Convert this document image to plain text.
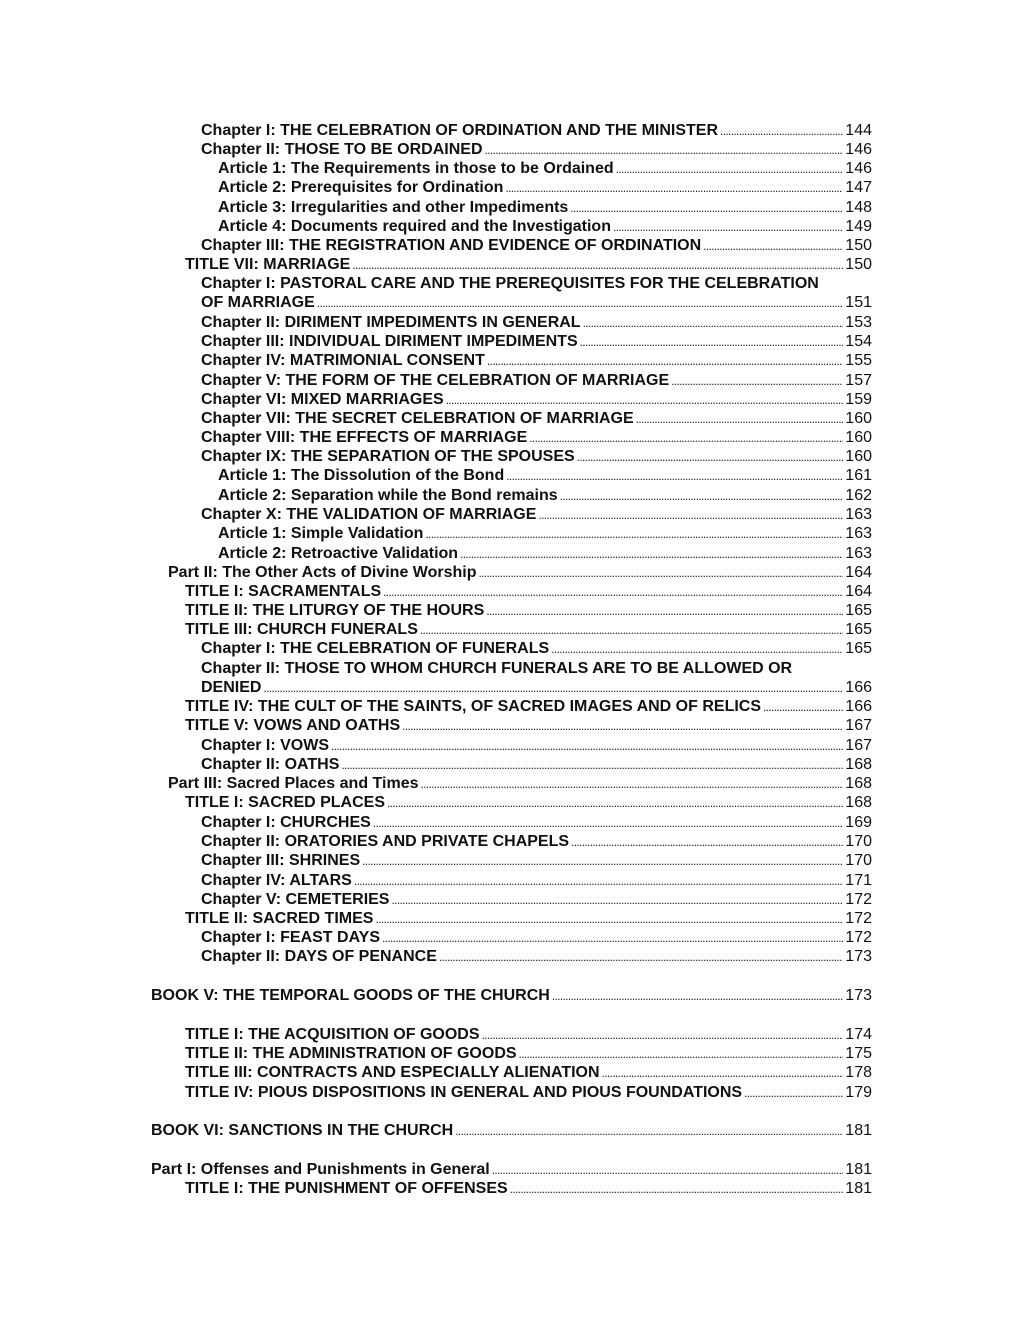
Chapter I: THE CELEBRATION OF ORDINATION AND THE MINISTER . . .	144
Chapter II: THOSE TO BE ORDAINED . . .	146
Article 1: The Requirements in those to be Ordained . . .	146
Article 2: Prerequisites for Ordination . . .	147
Article 3: Irregularities and other Impediments . . .	148
Article 4: Documents required and the Investigation . . .	149
Chapter III: THE REGISTRATION AND EVIDENCE OF ORDINATION . . .	150
TITLE VII: MARRIAGE . . .	150
Chapter I: PASTORAL CARE AND THE PREREQUISITES FOR THE CELEBRATION
OF MARRIAGE . . .	151
Chapter II: DIRIMENT IMPEDIMENTS IN GENERAL . . .	153
Chapter III: INDIVIDUAL DIRIMENT IMPEDIMENTS . . .	154
Chapter IV: MATRIMONIAL CONSENT . . .	155
Chapter V: THE FORM OF THE CELEBRATION OF MARRIAGE . . .	157
Chapter VI: MIXED MARRIAGES . . .	159
Chapter VII: THE SECRET CELEBRATION OF MARRIAGE . . .	160
Chapter VIII: THE EFFECTS OF MARRIAGE . . .	160
Chapter IX: THE SEPARATION OF THE SPOUSES . . .	160
Article 1: The Dissolution of the Bond . . .	161
Article 2: Separation while the Bond remains . . .	162
Chapter X: THE VALIDATION OF MARRIAGE . . .	163
Article 1: Simple Validation . . .	163
Article 2: Retroactive Validation . . .	163
Part II: The Other Acts of Divine Worship . . .	164
TITLE I: SACRAMENTALS . . .	164
TITLE II: THE LITURGY OF THE HOURS . . .	165
TITLE III: CHURCH FUNERALS . . .	165
Chapter I: THE CELEBRATION OF FUNERALS . . .	165
Chapter II: THOSE TO WHOM CHURCH FUNERALS ARE TO BE ALLOWED OR
DENIED . . .	166
TITLE IV: THE CULT OF THE SAINTS, OF SACRED IMAGES AND OF RELICS . . .	166
TITLE V: VOWS AND OATHS . . .	167
Chapter I: VOWS . . .	167
Chapter II: OATHS . . .	168
Part III: Sacred Places and Times . . .	168
TITLE I: SACRED PLACES . . .	168
Chapter I: CHURCHES . . .	169
Chapter II: ORATORIES AND PRIVATE CHAPELS . . .	170
Chapter III: SHRINES . . .	170
Chapter IV: ALTARS . . .	171
Chapter V: CEMETERIES . . .	172
TITLE II: SACRED TIMES . . .	172
Chapter I: FEAST DAYS . . .	172
Chapter II: DAYS OF PENANCE . . .	173
BOOK V: THE TEMPORAL GOODS OF THE CHURCH . . .	173
TITLE I: THE ACQUISITION OF GOODS . . .	174
TITLE II: THE ADMINISTRATION OF GOODS . . .	175
TITLE III: CONTRACTS AND ESPECIALLY ALIENATION . . .	178
TITLE IV: PIOUS DISPOSITIONS IN GENERAL AND PIOUS FOUNDATIONS . . .	179
BOOK VI: SANCTIONS IN THE CHURCH . . .	181
Part I: Offenses and Punishments in General . . .	181
TITLE I: THE PUNISHMENT OF OFFENSES . . .	181
